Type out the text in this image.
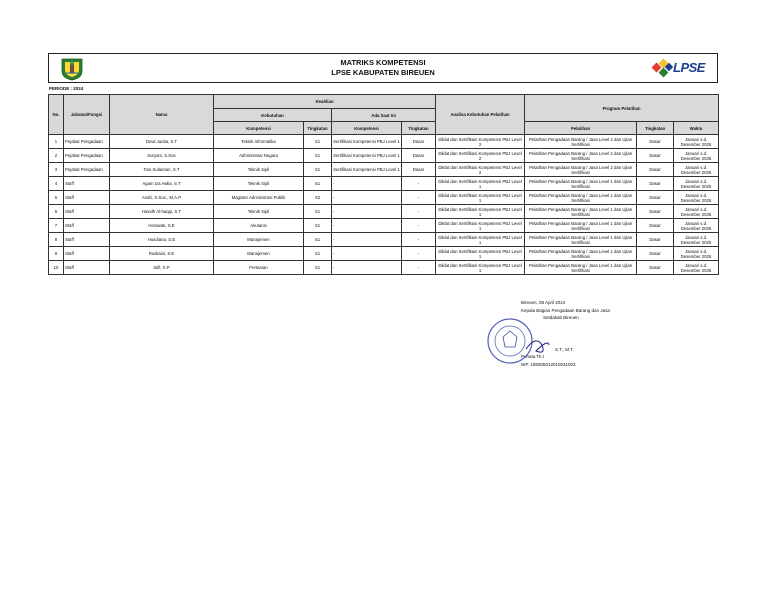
MATRIKS KOMPETENSI
LPSE KABUPATEN BIREUEN	LPSE
PERIODE : 2024
No.	Jabatan/Fungsi	Nama	Keahlian				Analisa Kebutuhan Pelatihan	Program Pelatihan		
			Kebutuhan		Ada Saat Ini					
			Kompetensi	Tingkatan	Kompetensi	Tingkatan		Pelatihan	Tingkatan	Waktu
1	Pejabat Pengadaan	Dewi Junita, S.T	Teknik Informatika	S1	Sertifikasi Kompetensi PBJ Level 1	Dasar	Diklat dan Sertifikasi Kompetensi PBJ Level 2	Pelatihan Pengadaan Barang / Jasa Level 2 dan Ujian Sertifikasi	Dasar	Januari s.d. Desember 2025
2	Pejabat Pengadaan	Suryani, S.Sos	Administrasi Negara	S1	Sertifikasi Kompetensi PBJ Level 1	Dasar	Diklat dan Sertifikasi Kompetensi PBJ Level 2	Pelatihan Pengadaan Barang / Jasa Level 2 dan Ujian Sertifikasi	Dasar	Januari s.d. Desember 2025
3	Pejabat Pengadaan	Toni Sulaiman, S.T	Teknik Sipil	S1	Sertifikasi Kompetensi PBJ Level 1	Dasar	Diklat dan Sertifikasi Kompetensi PBJ Level 2	Pelatihan Pengadaan Barang / Jasa Level 2 dan Ujian Sertifikasi	Dasar	Januari s.d. Desember 2025
4	Staff	Agam Iza Awlia, S.T	Teknik Sipil	S1	-	-	Diklat dan Sertifikasi Kompetensi PBJ Level 1	Pelatihan Pengadaan Barang / Jasa Level 1 dan Ujian Sertifikasi	Dasar	Januari s.d. Desember 2025
5	Staff	Andri, S.Sos., M.A.P	Magister Administrasi Publik	S2	-	-	Diklat dan Sertifikasi Kompetensi PBJ Level 1	Pelatihan Pengadaan Barang / Jasa Level 1 dan Ujian Sertifikasi	Dasar	Januari s.d. Desember 2025
6	Staff	Havidh Al-haqqi, S.T	Teknik Sipil	S1	-	-	Diklat dan Sertifikasi Kompetensi PBJ Level 1	Pelatihan Pengadaan Barang / Jasa Level 1 dan Ujian Sertifikasi	Dasar	Januari s.d. Desember 2025
7	Staff	Herawati, S.E	Akutansi	S1	-	-	Diklat dan Sertifikasi Kompetensi PBJ Level 1	Pelatihan Pengadaan Barang / Jasa Level 1 dan Ujian Sertifikasi	Dasar	Januari s.d. Desember 2025
8	Staff	Husdiana, S.E	Manajemen	S1	-	-	Diklat dan Sertifikasi Kompetensi PBJ Level 1	Pelatihan Pengadaan Barang / Jasa Level 1 dan Ujian Sertifikasi	Dasar	Januari s.d. Desember 2025
9	Staff	Rusliaini, S.E	Manajemen	S1	-	-	Diklat dan Sertifikasi Kompetensi PBJ Level 1	Pelatihan Pengadaan Barang / Jasa Level 1 dan Ujian Sertifikasi	Dasar	Januari s.d. Desember 2025
10	Staff	Siifi, S.P	Pertanian	S1	-	-	Diklat dan Sertifikasi Kompetensi PBJ Level 1	Pelatihan Pengadaan Barang / Jasa Level 1 dan Ujian Sertifikasi	Dasar	Januari s.d. Desember 2025
Bireuen, 08 April 2024
Kepala Bagian Pengadaan Barang dan Jasa
Setdakab Bireuen
S.T., M.T.
Penata Tk.I
NIP. 198305012010031003
